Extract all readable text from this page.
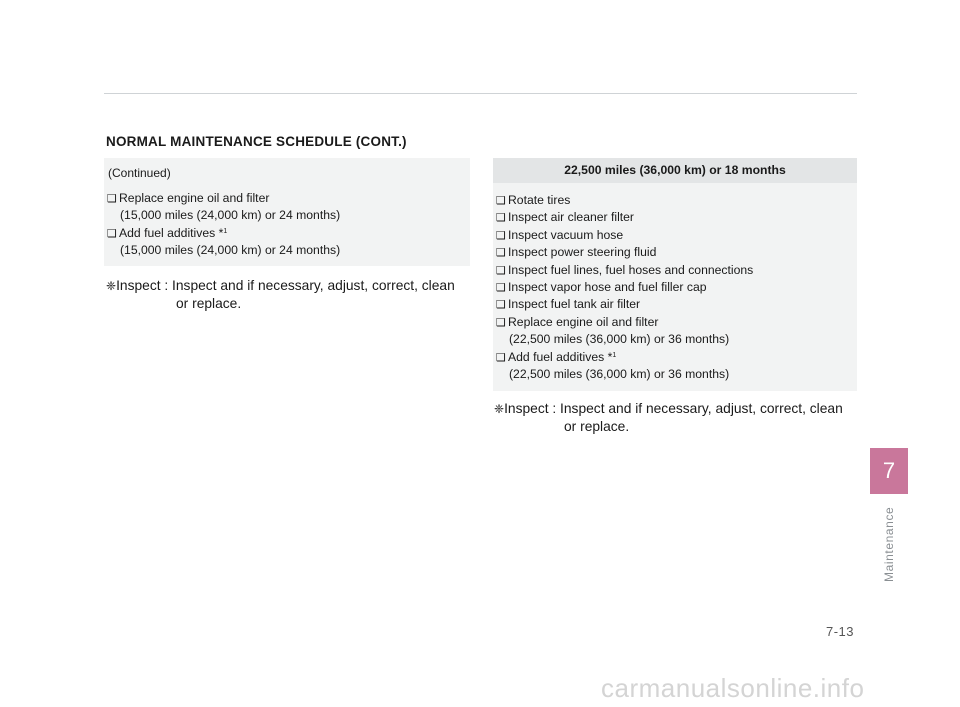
NORMAL MAINTENANCE SCHEDULE (CONT.)
(Continued)
❑ Replace engine oil and filter
(15,000 miles (24,000 km) or 24 months)
❑ Add fuel additives *$^1$
(15,000 miles (24,000 km) or 24 months)
❈Inspect : Inspect and if necessary, adjust, correct, clean
or replace.
22,500 miles (36,000 km) or 18 months
❑ Rotate tires
❑ Inspect air cleaner filter
❑ Inspect vacuum hose
❑ Inspect power steering fluid
❑ Inspect fuel lines, fuel hoses and connections
❑ Inspect vapor hose and fuel filler cap
❑ Inspect fuel tank air filter
❑ Replace engine oil and filter
(22,500 miles (36,000 km) or 36 months)
❑ Add fuel additives *$^1$
(22,500 miles (36,000 km) or 36 months)
❈Inspect : Inspect and if necessary, adjust, correct, clean
or replace.
7
Maintenance
7-13
carmanualsonline.info
